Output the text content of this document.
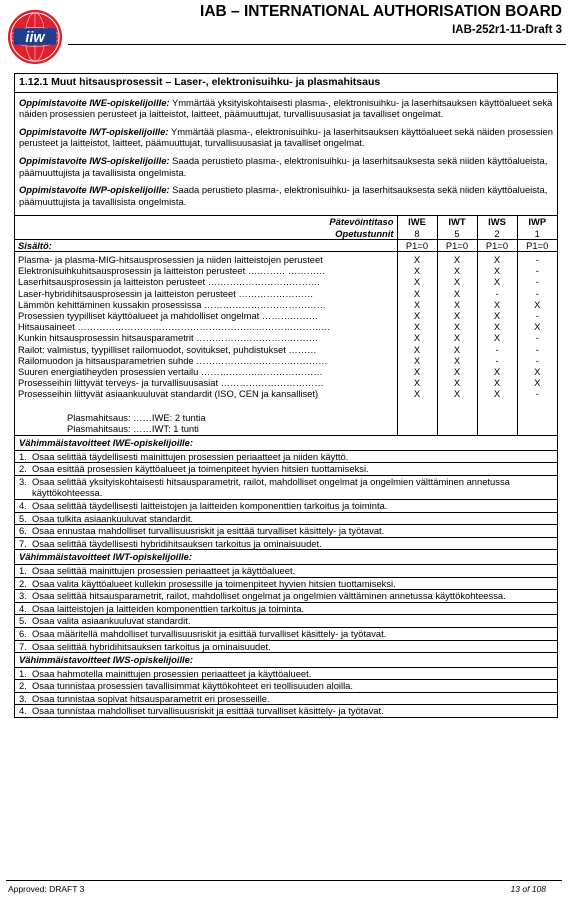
iiw
IAB – INTERNATIONAL AUTHORISATION BOARD
IAB-252r1-11-Draft 3
1.12.1 Muut hitsausprosessit – Laser-, elektronisuihku- ja plasmahitsaus

Oppimistavoite IWE-opiskelijoille: Ymmärtää yksityiskohtaisesti plasma-, elektronisuihku- ja laserhitsauksen käyttöalueet sekä näiden prosessien perusteet ja laitteistot, laitteet, päämuuttujat, turvallisuusasiat ja tavalliset ongelmat.

Oppimistavoite IWT-opiskelijoille: Ymmärtää plasma-, elektronisuihku- ja laserhitsauksen käyttöalueet sekä näiden prosessien perusteet ja laitteistot, laitteet, päämuuttujat, turvallisuusasiat ja tavalliset ongelmat.

Oppimistavoite IWS-opiskelijoille: Saada perustieto plasma-, elektronisuihku- ja laserhitsauksesta sekä niiden käyttöalueista, päämuuttujista ja tavallisista ongelmista.

Oppimistavoite IWP-opiskelijoille: Saada perustieto plasma-, elektronisuihku- ja laserhitsauksesta sekä niiden käyttöalueista, päämuuttujista ja tavallisista ongelmista.

Pätevöintitaso	IWE	IWT	IWS	IWP
Opetustunnit	8	5	2	1
Sisältö:	P1=0	P1=0	P1=0	P1=0
Plasma- ja plasma-MIG-hitsausprosessien ja niiden laitteistojen perusteet	X	X	X	-
Elektronisuihkuhitsausprosessin ja laitteiston perusteet ………… …………	X	X	X	-
Laserhitsausprosessin ja laitteiston perusteet ………………………………	X	X	X	-
Laser-hybridihitsausprosessin ja laitteiston perusteet ……………………	X	X	-	-
Lämmön kehittäminen kussakin prosessissa …………………………………	X	X	X	X
Prosessien tyypilliset käyttöalueet ja mahdolliset ongelmat ………………	X	X	X	-
Hitsausaineet ………………………………………………………………………	X	X	X	X
Kunkin hitsausprosessin hitsausparametrit …………………………………	X	X	X	-
Railot: valmistus, tyypilliset railomuodot, sovitukset, puhdistukset ………	X	X	-	-
Railomuodon ja hitsausparametrien suhde ……………………………………	X	X	-	-
Suuren energiatiheyden prosessien vertailu …………………………………	X	X	X	X
Prosesseihin liittyvät terveys- ja turvallisuusasiat ……………………………	X	X	X	X
Prosesseihin liittyvät asiaankuuluvat standardit (ISO, CEN ja kansalliset)	X	X	X	-
Plasmahitsaus: ……IWE: 2 tuntia				
Plasmahitsaus: ……IWT: 1 tunti				
Vähimmäistavoitteet IWE-opiskelijoille:
1. Osaa selittää täydellisesti mainittujen prosessien periaatteet ja niiden käyttö.
2. Osaa esittää prosessien käyttöalueet ja toimenpiteet hyvien hitsien tuottamiseksi.
3. Osaa selittää yksityiskohtaisesti hitsausparametrit, railot, mahdolliset ongelmat ja ongelmien välttäminen annetussa käyttökohteessa.
4. Osaa selittää täydellisesti laitteistojen ja laitteiden komponenttien tarkoitus ja toiminta.
5. Osaa tulkita asiaankuuluvat standardit.
6. Osaa ennustaa mahdolliset turvallisuusriskit ja esittää turvalliset käsittely- ja työtavat.
7. Osaa selittää täydellisesti hybridihitsauksen tarkoitus ja ominaisuudet.
Vähimmäistavoitteet IWT-opiskelijoille:
1. Osaa selittää mainittujen prosessien periaatteet ja käyttöalueet.
2. Osaa valita käyttöalueet kullekin prosessille ja toimenpiteet hyvien hitsien tuottamiseksi.
3. Osaa selittää hitsausparametrit, railot, mahdolliset ongelmat ja ongelmien välttäminen annetussa käyttökohteessa.
4. Osaa laitteistojen ja laitteiden komponenttien tarkoitus ja toiminta.
5. Osaa valita asiaankuuluvat standardit.
6. Osaa määritellä mahdolliset turvallisuusriskit ja esittää turvalliset käsittely- ja työtavat.
7. Osaa selittää hybridihitsauksen tarkoitus ja ominaisuudet.
Vähimmäistavoitteet IWS-opiskelijoille:
1. Osaa hahmotella mainittujen prosessien periaatteet ja käyttöalueet.
2. Osaa tunnistaa prosessien tavallisimmat käyttökohteet eri teollisuuden aloilla.
3. Osaa tunnistaa sopivat hitsausparametrit eri prosesseille.
4. Osaa tunnistaa mahdolliset turvallisuusriskit ja esittää turvalliset käsittely- ja työtavat.
Approved: DRAFT 3	13 of 108
